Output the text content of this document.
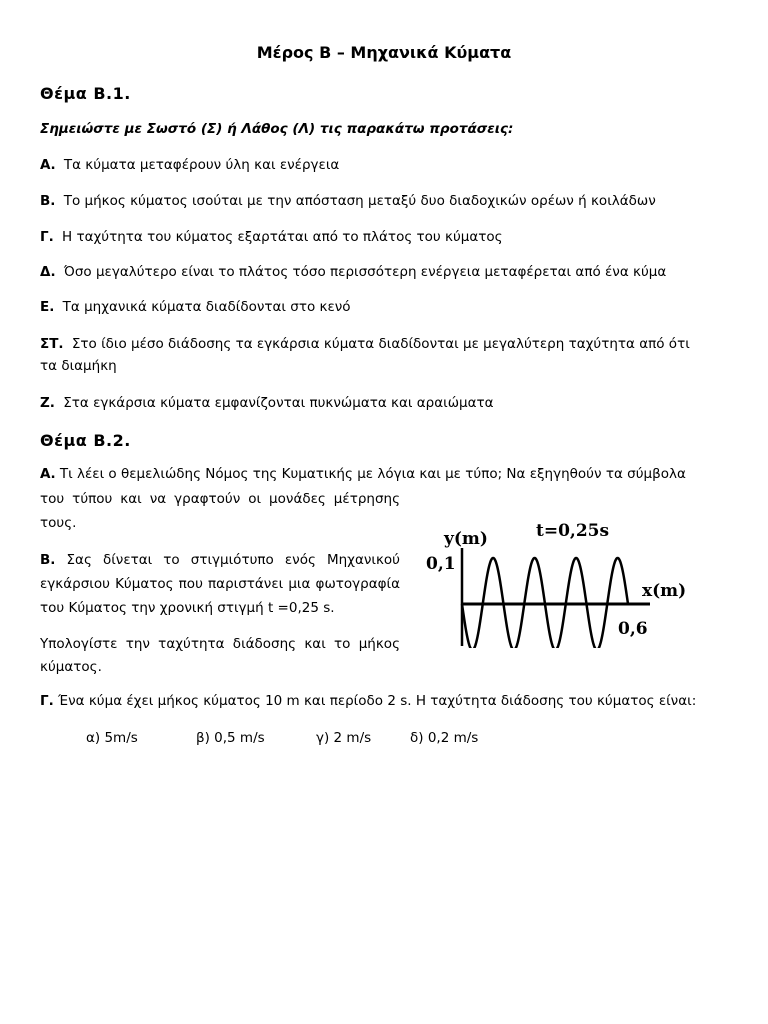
Μέρος Β – Μηχανικά Κύματα
Θέμα Β.1.
Σημειώστε με Σωστό (Σ) ή Λάθος (Λ) τις παρακάτω προτάσεις:
Α. Τα κύματα μεταφέρουν ύλη και ενέργεια
Β. Το μήκος κύματος ισούται με την απόσταση μεταξύ δυο διαδοχικών ορέων ή κοιλάδων
Γ. Η ταχύτητα του κύματος εξαρτάται από το πλάτος του κύματος
Δ. Όσο μεγαλύτερο είναι το πλάτος τόσο περισσότερη ενέργεια μεταφέρεται από ένα κύμα
Ε. Τα μηχανικά κύματα διαδίδονται στο κενό
ΣΤ. Στο ίδιο μέσο διάδοσης τα εγκάρσια κύματα διαδίδονται με μεγαλύτερη ταχύτητα από ότι τα διαμήκη
Ζ. Στα εγκάρσια κύματα εμφανίζονται πυκνώματα και αραιώματα
Θέμα Β.2.
Α. Τι λέει ο θεμελιώδης Νόμος της Κυματικής με λόγια και με τύπο; Να εξηγηθούν τα σύμβολα
του τύπου και να γραφτούν οι μονάδες μέτρησης
τους.
Β. Σας δίνεται το στιγμιότυπο ενός Μηχανικού εγκάρσιου Κύματος που παριστάνει μια φωτογραφία του Κύματος την χρονική στιγμή t =0,25 s.
Υπολογίστε την ταχύτητα διάδοσης και το μήκος κύματος.
Γ. Ένα κύμα έχει μήκος κύματος 10 m και περίοδο 2 s. Η ταχύτητα διάδοσης του κύματος είναι:
α) 5m/s	β) 0,5 m/s	γ) 2 m/s	δ) 0,2 m/s
y(m)	t=0,25s
0,1
x(m)
0,6
